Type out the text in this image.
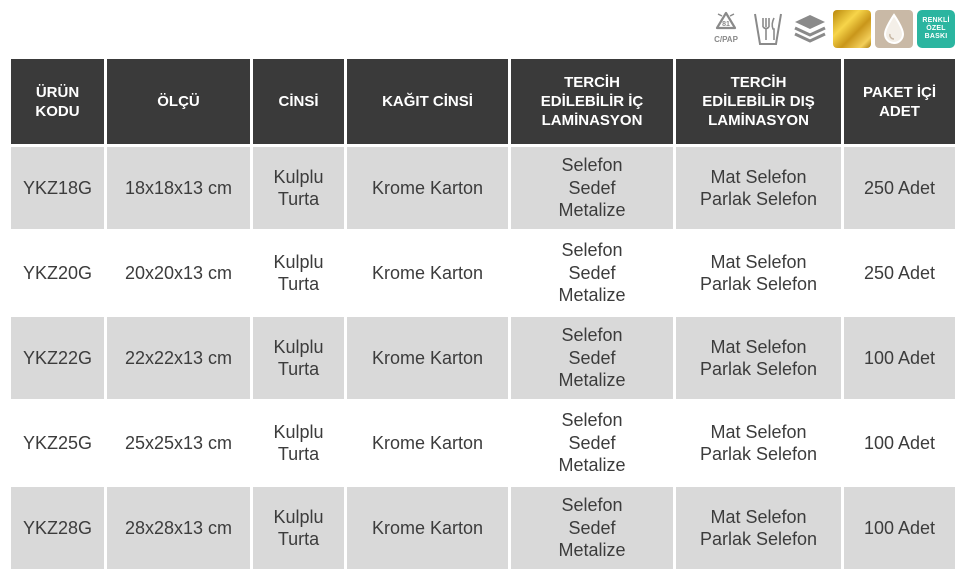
81
C/PAP
RENKLİ
ÖZEL
BASKI
ÜRÜN
KODU	ÖLÇÜ	CİNSİ	KAĞIT CİNSİ	TERCİH
EDİLEBİLİR İÇ
LAMİNASYON	TERCİH
EDİLEBİLİR DIŞ
LAMİNASYON	PAKET İÇİ
ADET
YKZ18G	18x18x13 cm	Kulplu
Turta	Krome Karton	Selefon
Sedef
Metalize	Mat Selefon
Parlak Selefon	250 Adet
YKZ20G	20x20x13 cm	Kulplu
Turta	Krome Karton	Selefon
Sedef
Metalize	Mat Selefon
Parlak Selefon	250 Adet
YKZ22G	22x22x13 cm	Kulplu
Turta	Krome Karton	Selefon
Sedef
Metalize	Mat Selefon
Parlak Selefon	100 Adet
YKZ25G	25x25x13 cm	Kulplu
Turta	Krome Karton	Selefon
Sedef
Metalize	Mat Selefon
Parlak Selefon	100 Adet
YKZ28G	28x28x13 cm	Kulplu
Turta	Krome Karton	Selefon
Sedef
Metalize	Mat Selefon
Parlak Selefon	100 Adet
